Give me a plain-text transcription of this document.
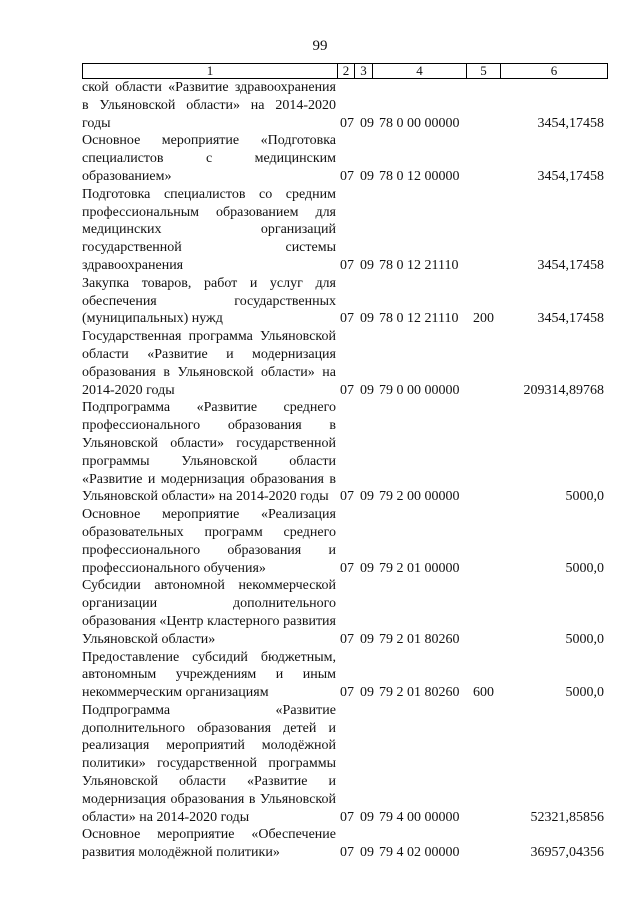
99
1	2 3	4	5	6
ской области «Развитие здравоохранения в Ульяновской области» на 2014-2020 годы	07 09 78 0 00 00000	3454,17458
Основное мероприятие «Подготовка специалистов с медицинским образованием»	07 09 78 0 12 00000	3454,17458
Подготовка специалистов со средним профессиональным образованием для медицинских организаций государственной системы здравоохранения	07 09 78 0 12 21110	3454,17458
Закупка товаров, работ и услуг для обеспечения государственных (муниципальных) нужд	07 09 78 0 12 21110	200	3454,17458
Государственная программа Ульяновской области «Развитие и модернизация образования в Ульяновской области» на 2014-2020 годы	07 09 79 0 00 00000	209314,89768
Подпрограмма «Развитие среднего профессионального образования в Ульяновской области» государственной программы Ульяновской области «Развитие и модернизация образования в Ульяновской области» на 2014-2020 годы 07 09 79 2 00 00000	5000,0
Основное мероприятие «Реализация образовательных программ среднего профессионального образования и профессионального обучения»	07 09 79 2 01 00000	5000,0
Субсидии автономной некоммерческой организации дополнительного образования «Центр кластерного развития Ульяновской области»	07 09 79 2 01 80260	5000,0
Предоставление субсидий бюджетным, автономным учреждениям и иным некоммерческим организациям	07 09 79 2 01 80260 600	5000,0
Подпрограмма «Развитие дополнительного образования детей и реализация мероприятий молодёжной политики» государственной программы Ульяновской области «Развитие и модернизация образования в Ульяновской области» на 2014-2020 годы	07 09 79 4 00 00000	52321,85856
Основное мероприятие «Обеспечение развития молодёжной политики»	07 09 79 4 02 00000	36957,04356
